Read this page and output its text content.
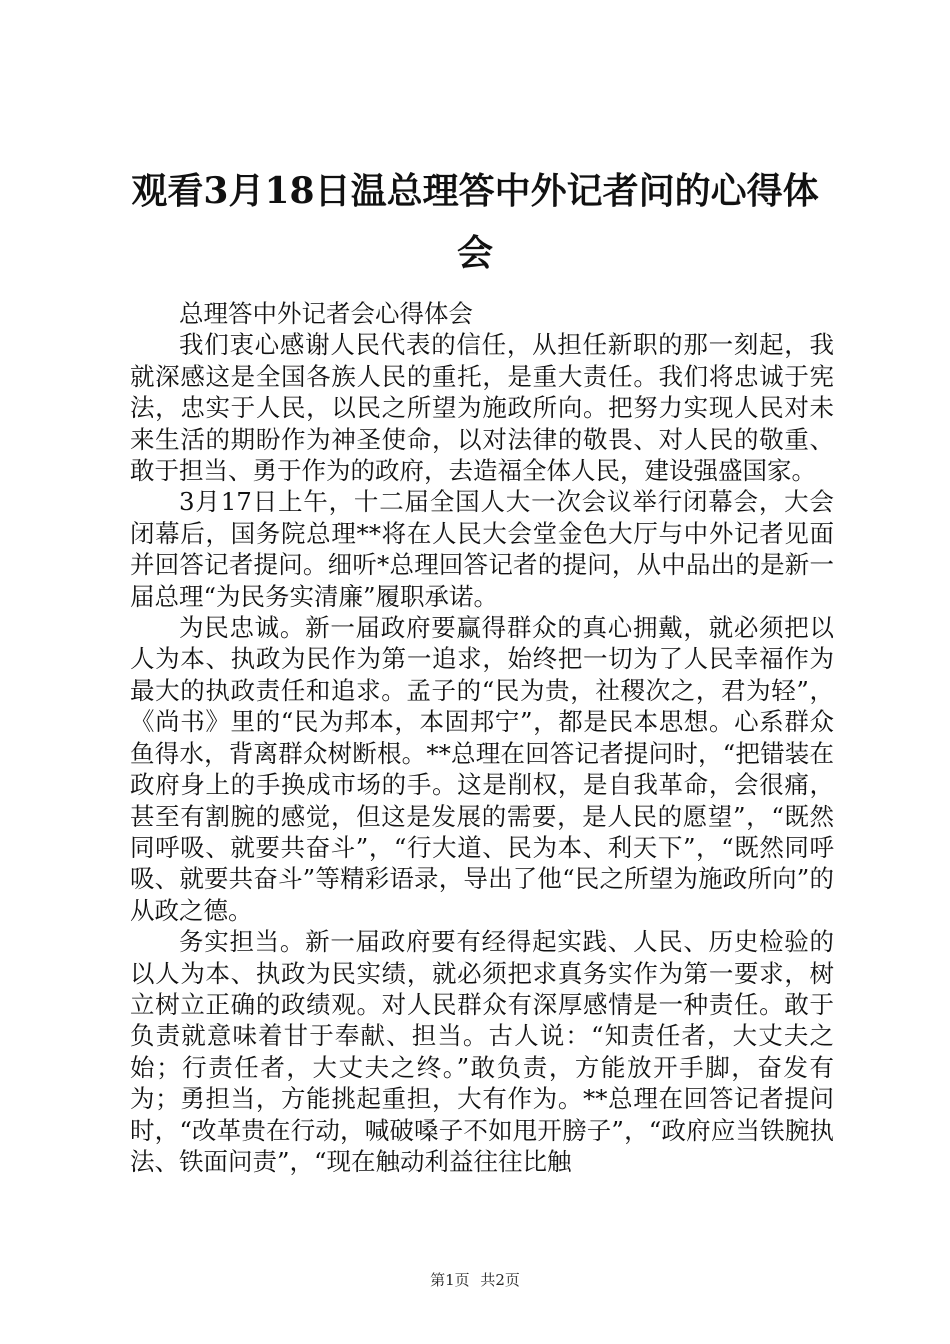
观看3月18日温总理答中外记者问的心得体会

总理答中外记者会心得体会

我们衷心感谢人民代表的信任，从担任新职的那一刻起，我就深感这是全国各族人民的重托，是重大责任。我们将忠诚于宪法，忠实于人民，以民之所望为施政所向。把努力实现人民对未来生活的期盼作为神圣使命，以对法律的敬畏、对人民的敬重、敢于担当、勇于作为的政府，去造福全体人民，建设强盛国家。

3月17日上午，十二届全国人大一次会议举行闭幕会，大会闭幕后，国务院总理**将在人民大会堂金色大厅与中外记者见面并回答记者提问。细听*总理回答记者的提问，从中品出的是新一届总理“为民务实清廉”履职承诺。

为民忠诚。新一届政府要赢得群众的真心拥戴，就必须把以人为本、执政为民作为第一追求，始终把一切为了人民幸福作为最大的执政责任和追求。孟子的“民为贵，社稷次之，君为轻”，《尚书》里的“民为邦本，本固邦宁”，都是民本思想。心系群众鱼得水，背离群众树断根。**总理在回答记者提问时，“把错装在政府身上的手换成市场的手。这是削权，是自我革命，会很痛，甚至有割腕的感觉，但这是发展的需要，是人民的愿望”，“既然同呼吸、就要共奋斗”，“行大道、民为本、利天下”，“既然同呼吸、就要共奋斗”等精彩语录，导出了他“民之所望为施政所向”的从政之德。

务实担当。新一届政府要有经得起实践、人民、历史检验的以人为本、执政为民实绩，就必须把求真务实作为第一要求，树立树立正确的政绩观。对人民群众有深厚感情是一种责任。敢于负责就意味着甘于奉献、担当。古人说：“知责任者，大丈夫之始；行责任者，大丈夫之终。”敢负责，方能放开手脚，奋发有为；勇担当，方能挑起重担，大有作为。**总理在回答记者提问时，“改革贵在行动，喊破嗓子不如甩开膀子”，“政府应当铁腕执法、铁面问责”，“现在触动利益往往比触

第1页 共2页
